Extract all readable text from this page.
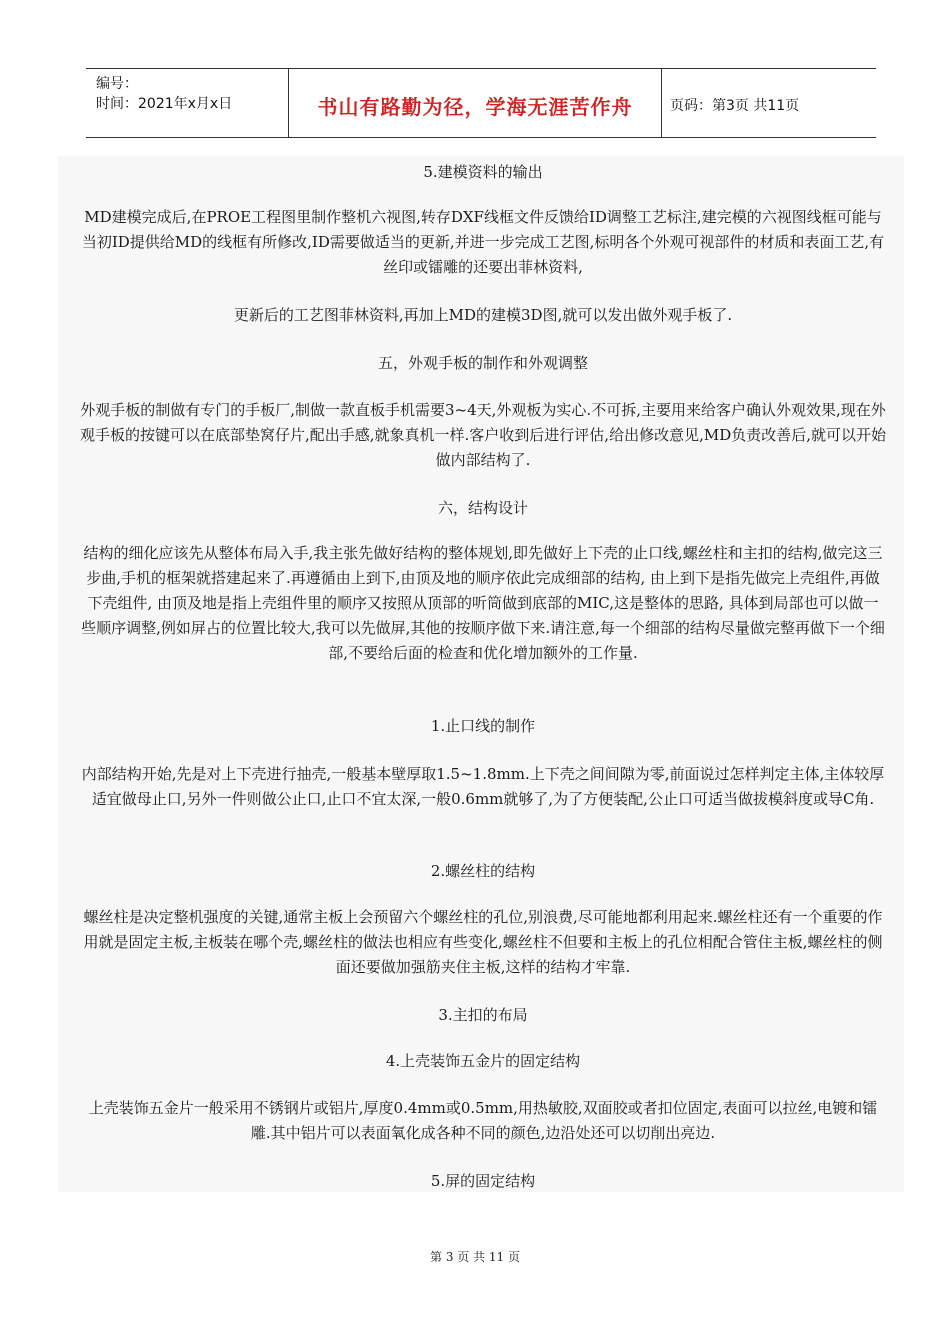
编号：
时间：2021年x月x日	书山有路勤为径，学海无涯苦作舟	页码：第3页 共11页
5.建模资料的输出
MD建模完成后,在PROE工程图里制作整机六视图,转存DXF线框文件反馈给ID调整工艺标注,建完模的六视图线框可能与当初ID提供给MD的线框有所修改,ID需要做适当的更新,并进一步完成工艺图,标明各个外观可视部件的材质和表面工艺,有丝印或镭雕的还要出菲林资料,
更新后的工艺图菲林资料,再加上MD的建模3D图,就可以发出做外观手板了.
五，外观手板的制作和外观调整
外观手板的制做有专门的手板厂,制做一款直板手机需要3~4天,外观板为实心.不可拆,主要用来给客户确认外观效果,现在外观手板的按键可以在底部垫窝仔片,配出手感,就象真机一样.客户收到后进行评估,给出修改意见,MD负责改善后,就可以开始做内部结构了.
六，结构设计
结构的细化应该先从整体布局入手,我主张先做好结构的整体规划,即先做好上下壳的止口线,螺丝柱和主扣的结构,做完这三步曲,手机的框架就搭建起来了.再遵循由上到下,由顶及地的顺序依此完成细部的结构, 由上到下是指先做完上壳组件,再做下壳组件, 由顶及地是指上壳组件里的顺序又按照从顶部的听筒做到底部的MIC,这是整体的思路, 具体到局部也可以做一些顺序调整,例如屏占的位置比较大,我可以先做屏,其他的按顺序做下来.请注意,每一个细部的结构尽量做完整再做下一个细部,不要给后面的检查和优化增加额外的工作量.
1.止口线的制作
内部结构开始,先是对上下壳进行抽壳,一般基本壁厚取1.5~1.8mm.上下壳之间间隙为零,前面说过怎样判定主体,主体较厚适宜做母止口,另外一件则做公止口,止口不宜太深,一般0.6mm就够了,为了方便装配,公止口可适当做拔模斜度或导C角.
2.螺丝柱的结构
螺丝柱是决定整机强度的关键,通常主板上会预留六个螺丝柱的孔位,别浪费,尽可能地都利用起来.螺丝柱还有一个重要的作用就是固定主板,主板装在哪个壳,螺丝柱的做法也相应有些变化,螺丝柱不但要和主板上的孔位相配合管住主板,螺丝柱的侧面还要做加强筋夹住主板,这样的结构才牢靠.
3.主扣的布局
4.上壳装饰五金片的固定结构
上壳装饰五金片一般采用不锈钢片或铝片,厚度0.4mm或0.5mm,用热敏胶,双面胶或者扣位固定,表面可以拉丝,电镀和镭雕.其中铝片可以表面氧化成各种不同的颜色,边沿处还可以切削出亮边.
5.屏的固定结构
第 3 页 共 11 页
